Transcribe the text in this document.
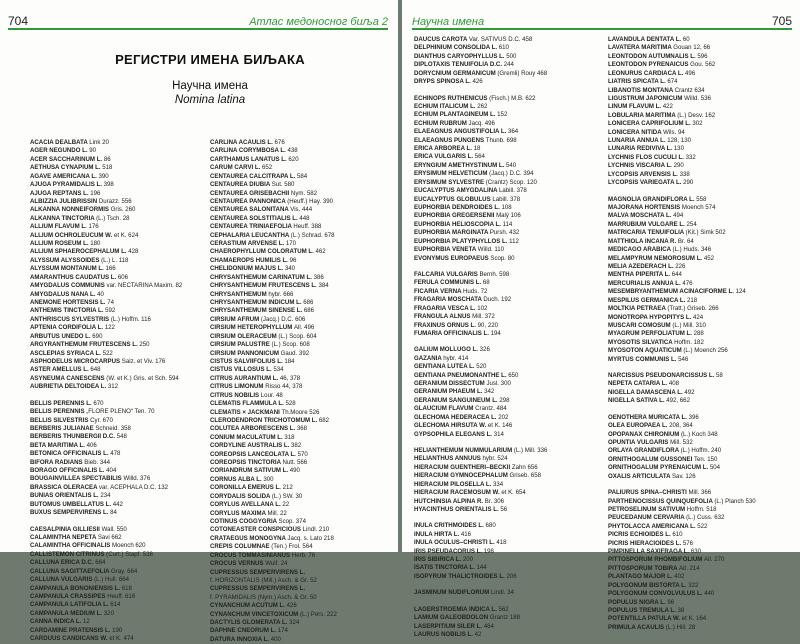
704	Атлас медоносног биља 2
РЕГИСТРИ ИМЕНА БИЉАКА
Научна имена
Nomina latina
ACACIA DEALBATA Link 20
AGER NEGUNDO L. 90
ACER SACCHARINUM L. 86
AETHUSA CYNAPIUM L. 518
AGAVE AMERICANA L. 390
AJUGA PYRAMIDALIS L. 398
AJUGA REPTANS L. 196
ALBIZZIA JULIBRISSIN Durazz. 556
ALKANNA NONNEIFORMIS Gris. 260
ALKANNA TINCTORIA (L.) Tsch. 28
ALLIUM FLAVUM L. 176
ALLIUM OCHROLEUCUM W. et K. 624
ALLIUM ROSEUM L. 180
ALLIUM SPHAEROCEPHALUM L. 428
ALYSSUM ALYSSOIDES (L.) L. 118
ALYSSUM MONTANUM L. 166
AMARANTHUS CAUDATUS L. 606
AMYGDALUS COMMUNIS var. NECTARINA Maxim. 82
AMYGDALUS NANA L. 40
ANEMONE HORTENSIS L. 74
ANTHEMIS TINCTORIA L. 592
ANTHRISCUS SYLVESTRIS (L.) Hoffm. 116
APTENIA CORDIFOLIA L. 122
ARBUTUS UNEDO L. 690
ARGYRANTHEMUM FRUTESCENS L. 250
ASCLEPIAS SYRIACA L. 522
ASPHODELUS MICROCARPUS Salz. et Viv. 176
ASTER AMELLUS L. 648
ASYNEUMA CANESCENS (W. et K.) Gris. et Sch. 594
AUBRIETIA DELTOIDEA L. 312
BELLIS PERENNIS L. 670
BELLIS PERENNIS „FLORE PLENO“ Ten. 70
BELLIS SILVESTRIS Cyr. 670
BERBERIS JULIANAE Schneid. 358
BERBERIS THUNBERGII D.C. 548
BETA MARITIMA L. 406
BETONICA OFFICINALIS L. 478
BIFORA RADIANS Bieb. 344
BORAGO OFFICINALIS L. 404
BOUGAINVILLEA SPECTABILIS Willd. 376
BRASSICA OLERACEA var. ACEPHALA D.C. 132
BUNIAS ORIENTALIS L. 234
BUTOMUS UMBELLATUS L. 442
BUXUS SEMPERVIRENS L. 84
CAESALPINIA GILLIESII Wall. 550
CALAMINTHA NEPETA Savi 662
CALAMINTHA OFFICINALIS Moench 620
CALLISTEMON CITRINUS (Curt.) Stapf. 538
CALLUNA ERICA D.C. 664
CALLUNA SAGITTAEFOLIA Gray. 664
CALLUNA VULGARIS (L.) Hull. 664
CAMPANULA BONONIENSIS L. 618
CAMPANULA CRASSIPES Heuff. 616
CAMPANULA LATIFOLIA L. 614
CAMPANULA MEDIUM L. 320
CANNA INDICA L. 12
CARDAMINE PRATENSIS L. 190
CARDUUS CANDICANS W. et K. 474
CARLINA ACAULIS L. 676
CARLINA CORYMBOSA L. 438
CARTHAMUS LANATUS L. 620
CARUM CARVI L. 652
CENTAUREA CALCITRAPA L. 584
CENTAUREA DIUBIA Sut. 580
CENTAUREA GRISEBACHII Nym. 582
CENTAUREA PANNONICA (Heuff.) Hay. 390
CENTAUREA SALONITANA Vis. 444
CENTAUREA SOLSTITIALIS L. 448
CENTAUREA TRINIAEFOLIA Heuff. 388
CEPHALARIA LEUCANTHA (L.) Schrad. 678
CERASTIUM ARVENSE L. 170
CHAEROPHYLLUM COLORATUM L. 462
CHAMAEROPS HUMILIS L. 96
CHELIDONIUM MAJUS L. 340
CHRYSANTHEMUM CARINATUM L. 386
CHRYSANTHEMUM FRUTESCENS L. 384
CHRYSANTHEMUM hybr. 666
CHRYSANTHEMUM INDICUM L. 686
CHRYSANTHEMUM SINENSE L. 686
CIRSIUM AFRUM (Jacq.) D.C. 606
CIRSIUM HETEROPHYLLUM All. 496
CIRSIUM OLERACEUM (L.) Scop. 604
CIRSIUM PALUSTRE (L.) Scop. 608
CIRSIUM PANNONICUM Gaud. 392
CISTUS SALVIIFOLIUS L. 184
CISTUS VILLOSUS L. 534
CITRUS AURANTIUM L. 46, 378
CITRUS LIMONUM Risso 44, 378
CITRUS NOBILIS Lour. 48
CLEMATIS FLAMMULA L. 528
CLEMATIS × JACKMANI Th.Moore 526
CLERODENDRON TRICHOTOMUM L. 682
COLUTEA ARBORESCENS L. 368
CONIUM MACULATUM L. 318
CORDYLINE AUSTRALIS L. 382
COREOPSIS LANCEOLATA L. 570
COREOPSIS TINCTORIA Nutt. 566
CORIANDRUM SATIVUM L. 490
CORNUS ALBA L. 300
CORONILLA EMERUS L. 212
CORYDALIS SOLIDA (L.) SW. 30
CORYLUS AVELLANA L. 22
CORYLUS MAXIMA Mill. 22
COTINUS COGGYGRIA Scop. 374
COTONEASTER CONSPICIOUS Lindl. 210
CRATAEGUS MONOGYNA Jacq. s. Lato 218
CREPIS COLUMNAE (Ten.) Frol. 564
CROCUS TOMMASINIANUS Herb. 76
CROCUS VERNUS Wulf. 24
CUPRESSUS SEMPERVIRENS L.
f. HORIZONTALIS (Mill.) Asch. & Gr. 52
CUPRESSUS SEMPERVIRENS L.
f. PYRAMIDALIS (Nym.) Asch. & Gr. 50
CYNANCHUM ACUTUM L. 426
CYNANCHUM VINCETOXICUM (L.) Pers. 222
DACTYLIS GLOMERATA L. 324
DAPHNE CNEORUM L. 174
DATURA INNOXIA L. 400
Научна имена	705
DAUCUS CAROTA Var. SATIVUS D.C. 458
DELPHINIUM CONSOLIDA L. 610
DIANTHUS CARYOPHYLLUS L. 500
DIPLOTAXIS TENUIFOLIA D.C. 244
DORYCNIUM GERMANICUM (Gremli) Rouy 468
DRYPS SPINOSA L. 426
ECHINOPS RUTHENICUS (Fisch.) M.B. 622
ECHIUM ITALICUM L. 262
ECHIUM PLANTAGINEUM L. 152
ECHIUM RUBRUM Jacq. 496
ELAEAGNUS ANGUSTIFOLIA L. 364
ELAEAGNUS PUNGENS Thunb. 698
ERICA ARBOREA L. 18
ERICA VULGARIS L. 564
ERYNGIUM AMETHYSTINUM L. 540
ERYSIMUM HELVETICUM (Jacq.) D.C. 394
ERYSIMUM SYLVESTRE (Crantz) Scop. 120
EUCALYPTUS AMYGDALINA Labill. 378
EUCALYPTUS GLOBULUS Labill. 378
EUPHORBIA DENDROIDES L. 108
EUPHORBIA GREGERSENII Malý 106
EUPHORBIA HELIOSCOPIA L. 114
EUPHORBIA MARGINATA Pursh. 432
EUPHORBIA PLATYPHYLLOS L. 112
EUPHORBIA VENETA Willd. 110
EVONYMUS EUROPAEUS Scop. 80
FALCARIA VULGARIS Bernh. 598
FERULA COMMUNIS L. 68
FICARIA VERNA Huds. 72
FRAGARIA MOSCHATA Duch. 192
FRAGARIA VESCA L. 102
FRANGULA ALNUS Mill. 372
FRAXINUS ORNUS L. 90, 220
FUMARIA OFFICINALIS L. 194
GALIUM MOLLUGO L. 326
GAZANIA hybr. 414
GENTIANA LUTEA L. 520
GENTIANA PNEUMONANTHE L. 650
GERANIUM DISSECTUM Jusl. 300
GERANIUM PHAEUM L. 342
GERANIUM SANGUINEUM L. 298
GLAUCIUM FLAVUM Crantz. 484
GLECHOMA HEDERACEA L. 202
GLECHOMA HIRSUTA W. et K. 146
GYPSOPHILA ELEGANS L. 314
HELIANTHEMUM NUMMULARIUM (L.) Mill. 336
HELIANTHUS ANNUUS hybr. 524
HIERACIUM GUENTHERI–BECKII Zahn 656
HIERACIUM GYMNOCEPHALUM Griseb. 658
HIERACIUM PILOSELLA L. 334
HIERACIUM RACEMOSUM W. et K. 654
HUTCHINSIA ALPINA R. Br. 306
HYACINTHUS ORIENTALIS L. 56
INULA CRITHMOIDES L. 680
INULA HIRTA L. 416
INULA OCULUS–CHRISTI L. 418
IRIS PSEUDACORUS L. 198
IRIS SIBIRICA L. 200
ISATIS TINCTORIA L. 144
ISOPYRUM THALICTROIDES L. 206
JASMINUM NUDIFLORUM Lindl. 34
LAGERSTROEMIA INDICA L. 562
LAMIUM GALEOBDOLON Grantz 188
LASERPITIUM SILER L. 464
LAURUS NOBILIS L. 42
LAVANDULA DENTATA L. 60
LAVATERA MARITIMA Gouan 12, 66
LEONTODON AUTUMNALIS L. 596
LEONTODON PYRENAICUS Gou. 562
LEONURUS CARDIACA L. 496
LIATRIS SPICATA L. 674
LIBANOTIS MONTANA Crantz 634
LIGUSTRUM JAPONICUM Willd. 536
LINUM FLAVUM L. 422
LOBULARIA MARITIMA (L.) Desv. 162
LONICERA CAPRIFOLIUM L. 302
LONICERA NITIDA Wils. 94
LUNARIA ANNUA L. 128, 130
LUNARIA REDIVIVA L. 130
LYCHNIS FLOS CUCULI L. 332
LYCHNIS VISCARIA L. 290
LYCOPSIS ARVENSIS L. 338
LYCOPSIS VARIEGATA L. 290
MAGNOLIA GRANDIFLORA L. 558
MAJORANA HORTENSIS Moench 574
MALVA MOSCHATA L. 494
MARRUBIUM VULGARE L. 254
MATRICARIA TENUIFOLIA (Kit.) Simk 502
MATTHIOLA INCANA R. Br. 64
MEDICAGO ARABICA (L.) Huds. 346
MELAMPYRUM NEMOROSUM L. 452
MELIA AZEDERACH L. 226
MENTHA PIPERITA L. 644
MERCURIALIS ANNUA L. 476
MESEMBRYANTHEMUM ACINACIFORME L. 124
MESPILUS GERMANICA L. 218
MOLTKIA PETRAEA (Tratt.) Griseb. 266
MONOTROPA HYPOPITYS L. 424
MUSCARI COMOSUM (L.) Mill. 310
MYAGRUM PERFOLIATUM L. 288
MYOSOTIS SILVATICA Hoffm. 182
MYOSOTON AQUATICUM (L.) Moench 256
MYRTUS COMMUNIS L. 546
NARCISSUS PSEUDONARCISSUS L. 58
NEPETA CATARIA L. 408
NIGELLA DAMASCENA L. 492
NIGELLA SATIVA L. 492, 662
OENOTHERA MURICATA L. 396
OLEA EUROPAEA L. 208, 364
OPOPANAX CHIRONIUM (L.) Koch 348
OPUNTIA VULGARIS Mill. 532
ORLAYA GRANDIFLORA (L.) Hoffm. 240
ORNITHOGALUM GUSSONEI Ten. 150
ORNITHOGALUM PYRENAICUM L. 504
OXALIS ARTICULATA Sav. 126
PALIURUS SPINA–CHRISTI Mill. 366
PARTHENOCISSUS QUINQUEFOLIA (L.) Planch 530
PETROSELINUM SATIVUM Hoffm. 518
PEUCEDANUM CERVARIA (L.) Cuss. 632
PHYTOLACCA AMERICANA L. 522
PICRIS ECHIOIDES L. 610
PICRIS HIERACIOIDES L. 576
PIMPINELLA SAXIFRAGA L. 630
PITTOSPORUM RHOMBIFOLIUM All. 270
PITTOSPORUM TOBIRA Ait. 214
PLANTAGO MAJOR L. 402
POLYGONUM BISTORTA L. 322
POLYGONUM CONVOLVULUS L. 440
POPULUS NIGRA L. 96
POPULUS TREMULA L. 38
POTENTILLA PATULA W. et K. 164
PRIMULA ACAULIS (L.) Hill. 28
